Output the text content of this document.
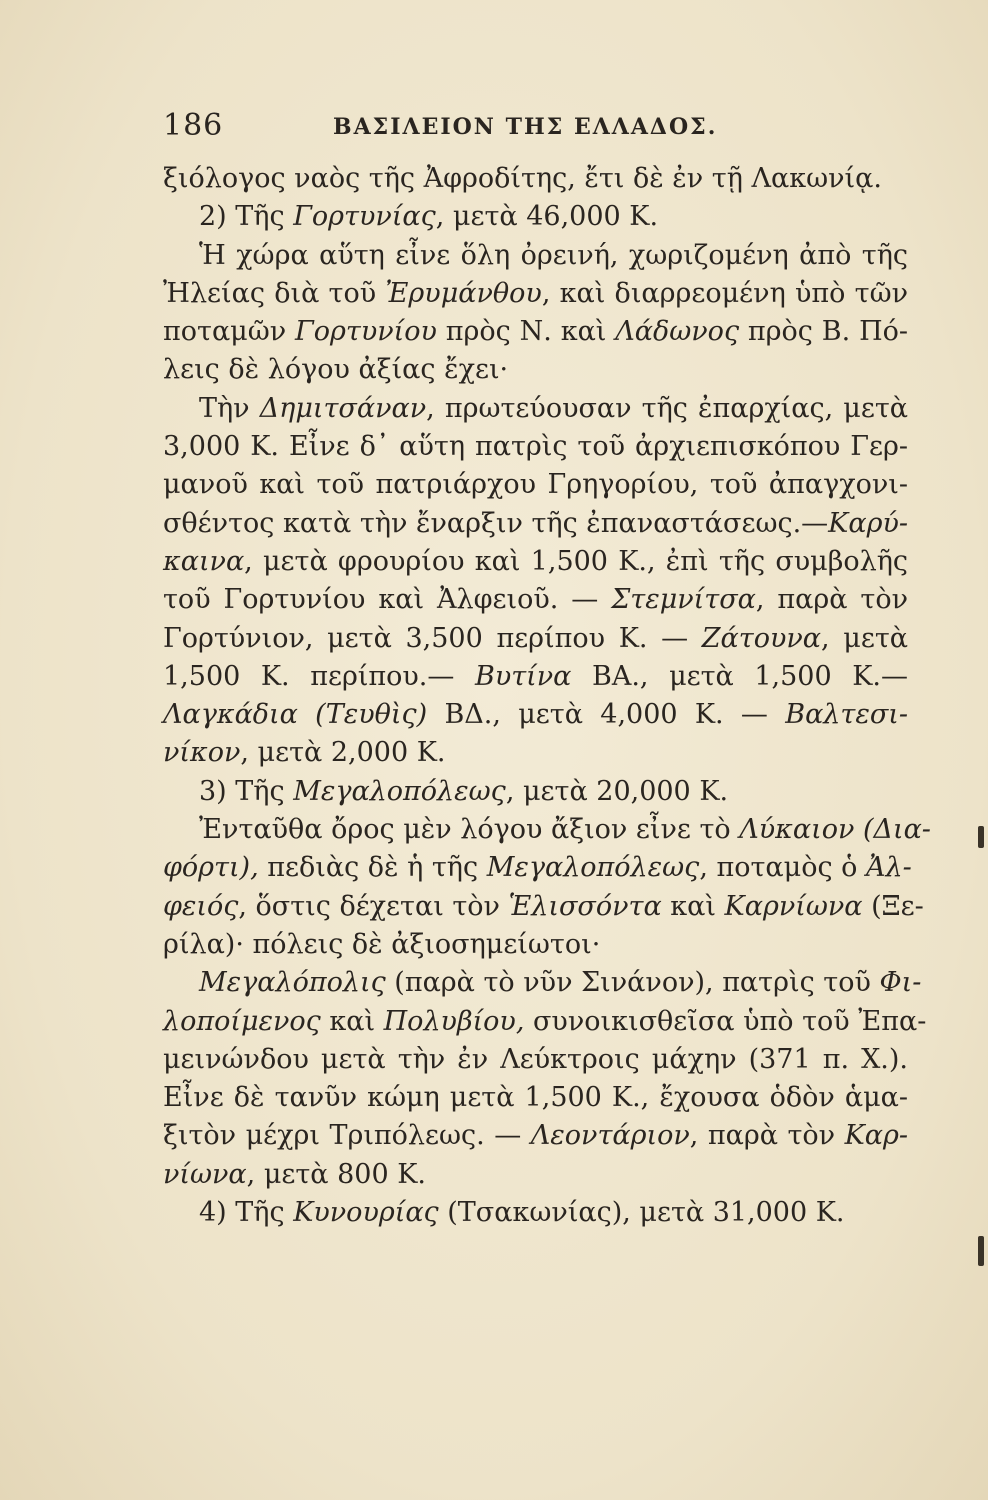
186	ΒΑΣΙΛΕΙΟΝ ΤΗΣ ΕΛΛΑΔΟΣ.
ξιόλογος ναὸς τῆς Ἀφροδίτης, ἔτι δὲ ἐν τῇ Λακωνίᾳ.
2) Τῆς Γορτυνίας, μετὰ 46,000 Κ.
Ἡ χώρα αὕτη εἶνε ὅλη ὀρεινή, χωριζομένη ἀπὸ τῆς
Ἠλείας διὰ τοῦ Ἐρυμάνθου, καὶ διαρρεομένη ὑπὸ τῶν
ποταμῶν Γορτυνίου πρὸς Ν. καὶ Λάδωνος πρὸς Β. Πό-
λεις δὲ λόγου ἀξίας ἔχει·
Τὴν Δημιτσάναν, πρωτεύουσαν τῆς ἐπαρχίας, μετὰ
3,000 Κ. Εἶνε δ᾽ αὕτη πατρὶς τοῦ ἀρχιεπισκόπου Γερ-
μανοῦ καὶ τοῦ πατριάρχου Γρηγορίου, τοῦ ἀπαγχονι-
σθέντος κατὰ τὴν ἔναρξιν τῆς ἐπαναστάσεως.—Καρύ-
καινα, μετὰ φρουρίου καὶ 1,500 Κ., ἐπὶ τῆς συμβολῆς
τοῦ Γορτυνίου καὶ Ἀλφειοῦ. — Στεμνίτσα, παρὰ τὸν
Γορτύνιον, μετὰ 3,500 περίπου Κ. — Ζάτουνα, μετὰ
1,500 Κ. περίπου.— Βυτίνα ΒΑ., μετὰ 1,500 Κ.—
Λαγκάδια (Τευθὶς) ΒΔ., μετὰ 4,000 Κ. — Βαλτεσι-
νίκον, μετὰ 2,000 Κ.
3) Τῆς Μεγαλοπόλεως, μετὰ 20,000 Κ.
Ἐνταῦθα ὄρος μὲν λόγου ἄξιον εἶνε τὸ Λύκαιον (Δια-
φόρτι), πεδιὰς δὲ ἡ τῆς Μεγαλοπόλεως, ποταμὸς ὁ Ἀλ-
φειός, ὅστις δέχεται τὸν Ἑλισσόντα καὶ Καρνίωνα (Ξε-
ρίλα)· πόλεις δὲ ἀξιοσημείωτοι·
Μεγαλόπολις (παρὰ τὸ νῦν Σινάνον), πατρὶς τοῦ Φι-
λοποίμενος καὶ Πολυβίου, συνοικισθεῖσα ὑπὸ τοῦ Ἐπα-
μεινώνδου μετὰ τὴν ἐν Λεύκτροις μάχην (371 π. Χ.).
Εἶνε δὲ τανῦν κώμη μετὰ 1,500 Κ., ἔχουσα ὁδὸν ἁμα-
ξιτὸν μέχρι Τριπόλεως. — Λεοντάριον, παρὰ τὸν Καρ-
νίωνα, μετὰ 800 Κ.
4) Τῆς Κυνουρίας (Τσακωνίας), μετὰ 31,000 Κ.
